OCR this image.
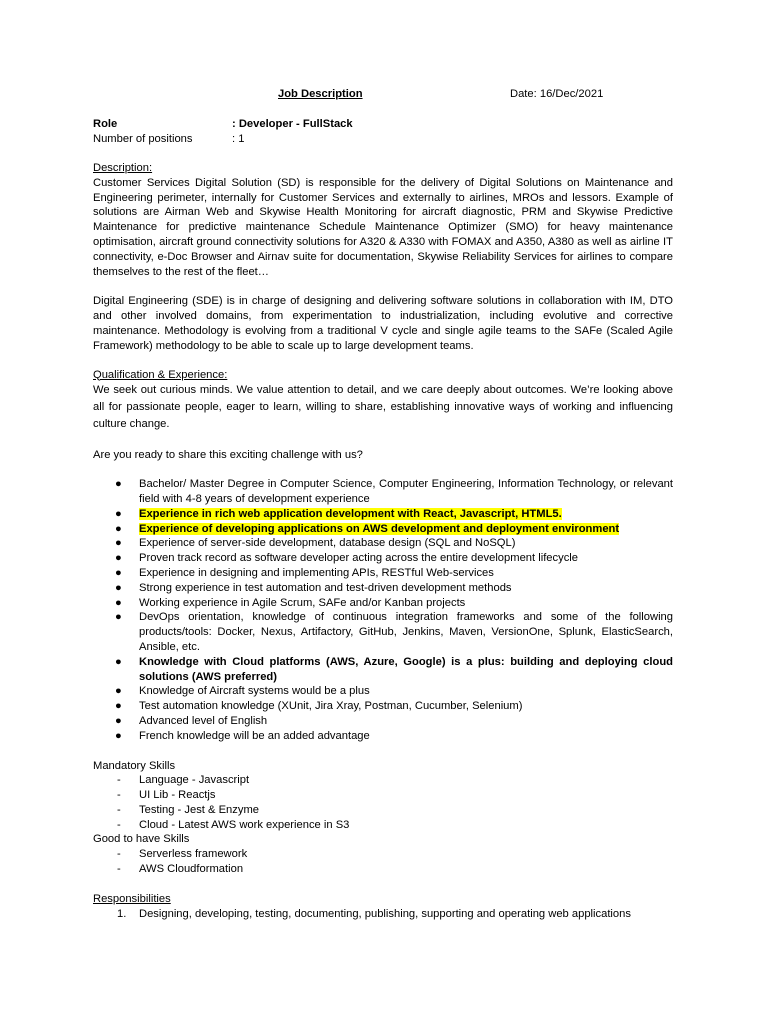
Job Description	Date: 16/Dec/2021
Role	: Developer - FullStack
Number of positions	: 1
Description:

Customer Services Digital Solution (SD) is responsible for the delivery of Digital Solutions on Maintenance and Engineering perimeter, internally for Customer Services and externally to airlines, MROs and lessors. Example of solutions are Airman Web and Skywise Health Monitoring for aircraft diagnostic, PRM and Skywise Predictive Maintenance for predictive maintenance Schedule Maintenance Optimizer (SMO) for heavy maintenance optimisation, aircraft ground connectivity solutions for A320 & A330 with FOMAX and A350, A380 as well as airline IT connectivity, e-Doc Browser and Airnav suite for documentation, Skywise Reliability Services for airlines to compare themselves to the rest of the fleet…

Digital Engineering (SDE) is in charge of designing and delivering software solutions in collaboration with IM, DTO and other involved domains, from experimentation to industrialization, including evolutive and corrective maintenance. Methodology is evolving from a traditional V cycle and single agile teams to the SAFe (Scaled Agile Framework) methodology to be able to scale up to large development teams.

Qualification & Experience:

We seek out curious minds. We value attention to detail, and we care deeply about outcomes. We’re looking above all for passionate people, eager to learn, willing to share, establishing innovative ways of working and influencing culture change.

Are you ready to share this exciting challenge with us?

● Bachelor/ Master Degree in Computer Science, Computer Engineering, Information Technology, or relevant field with 4-8 years of development experience
● Experience in rich web application development with React, Javascript, HTML5.
● Experience of developing applications on AWS development and deployment environment
● Experience of server-side development, database design (SQL and NoSQL)
● Proven track record as software developer acting across the entire development lifecycle
● Experience in designing and implementing APIs, RESTful Web-services
● Strong experience in test automation and test-driven development methods
● Working experience in Agile Scrum, SAFe and/or Kanban projects
● DevOps orientation, knowledge of continuous integration frameworks and some of the following products/tools: Docker, Nexus, Artifactory, GitHub, Jenkins, Maven, VersionOne, Splunk, ElasticSearch, Ansible, etc.
● Knowledge with Cloud platforms (AWS, Azure, Google) is a plus: building and deploying cloud solutions (AWS preferred)
● Knowledge of Aircraft systems would be a plus
● Test automation knowledge (XUnit, Jira Xray, Postman, Cucumber, Selenium)
● Advanced level of English
● French knowledge will be an added advantage
Mandatory Skills
- Language - Javascript
- UI Lib - Reactjs
- Testing - Jest & Enzyme
- Cloud - Latest AWS work experience in S3
Good to have Skills
- Serverless framework
- AWS Cloudformation
Responsibilities
1. Designing, developing, testing, documenting, publishing, supporting and operating web applications
